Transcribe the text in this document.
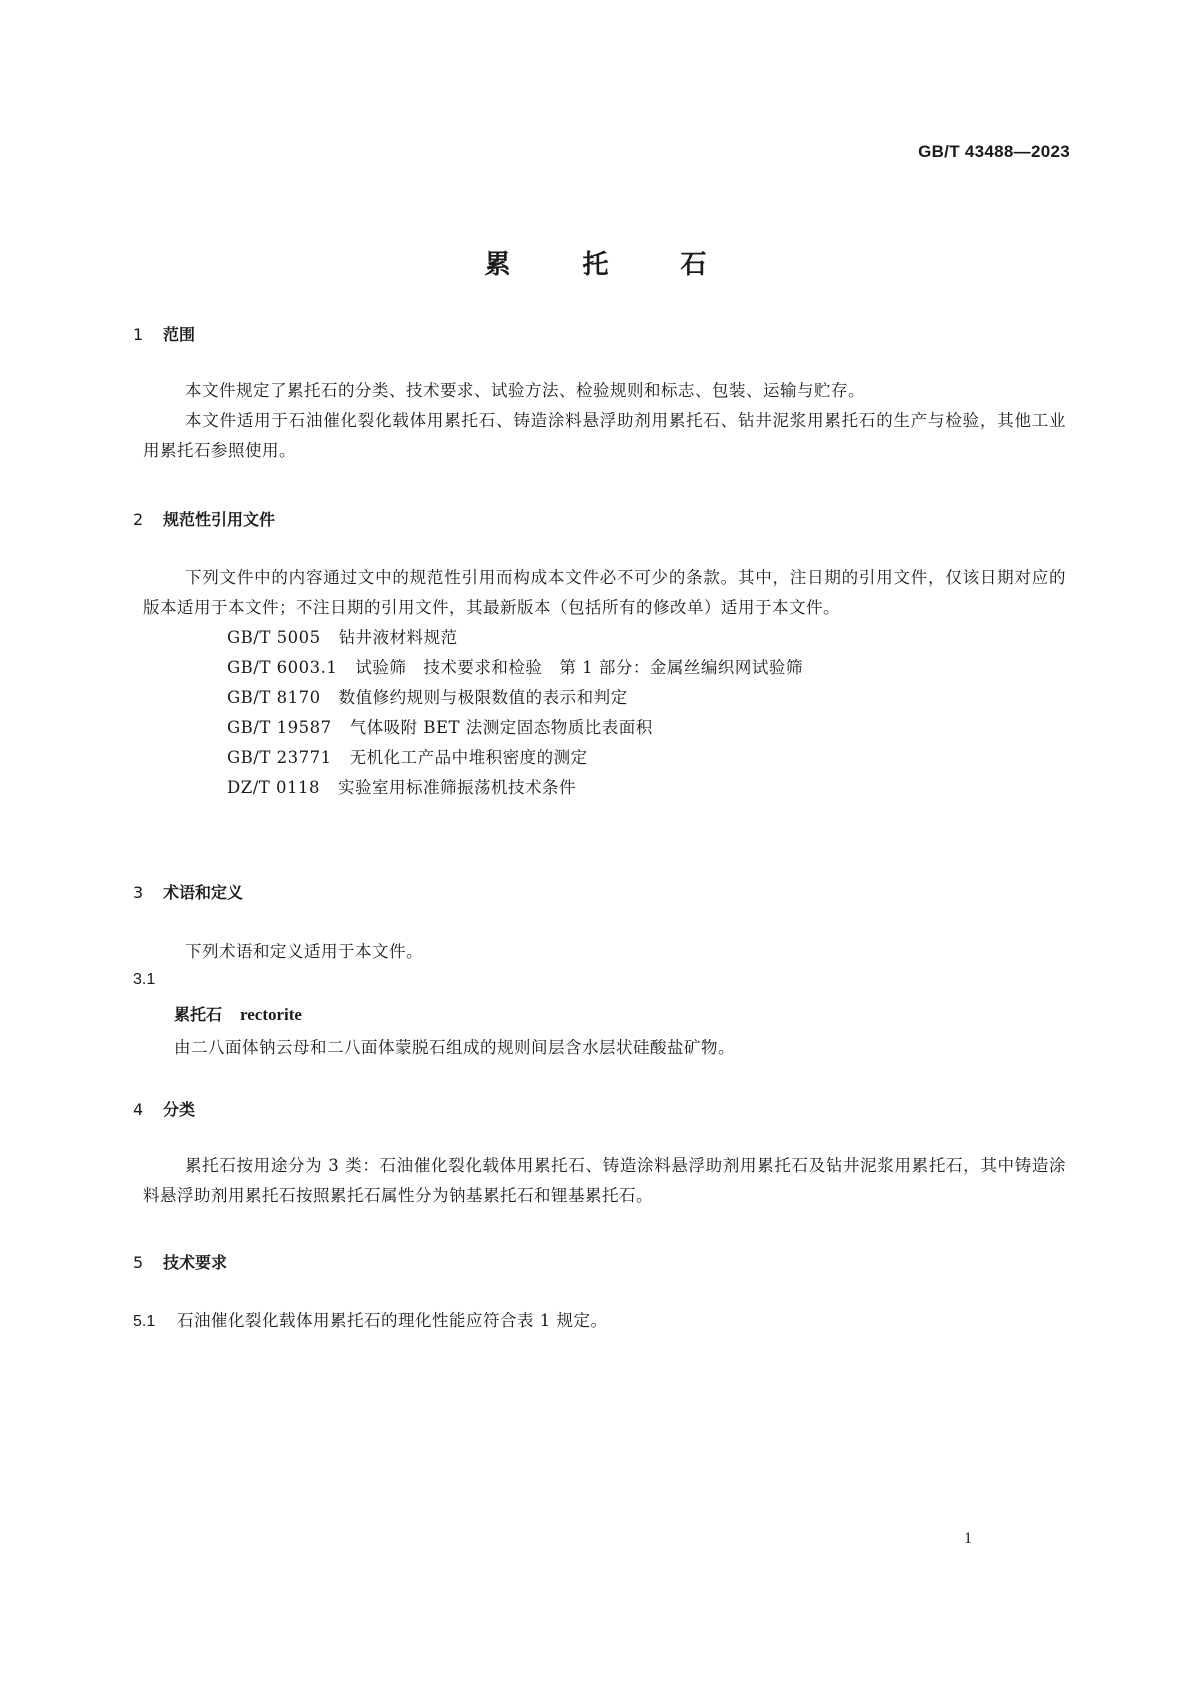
GB/T 43488—2023
累	托	石
1 范围
本文件规定了累托石的分类、技术要求、试验方法、检验规则和标志、包装、运输与贮存。
本文件适用于石油催化裂化载体用累托石、铸造涂料悬浮助剂用累托石、钻井泥浆用累托石的生产与检验，其他工业用累托石参照使用。
2 规范性引用文件
下列文件中的内容通过文中的规范性引用而构成本文件必不可少的条款。其中，注日期的引用文件，仅该日期对应的版本适用于本文件；不注日期的引用文件，其最新版本（包括所有的修改单）适用于本文件。
GB/T 5005 钻井液材料规范
GB/T 6003.1 试验筛　技术要求和检验　第 1 部分：金属丝编织网试验筛
GB/T 8170 数值修约规则与极限数值的表示和判定
GB/T 19587 气体吸附 BET 法测定固态物质比表面积
GB/T 23771 无机化工产品中堆积密度的测定
DZ/T 0118 实验室用标准筛振荡机技术条件
3 术语和定义
下列术语和定义适用于本文件。
3.1
累托石 rectorite
由二八面体钠云母和二八面体蒙脱石组成的规则间层含水层状硅酸盐矿物。
4 分类
累托石按用途分为 3 类：石油催化裂化载体用累托石、铸造涂料悬浮助剂用累托石及钻井泥浆用累托石，其中铸造涂料悬浮助剂用累托石按照累托石属性分为钠基累托石和锂基累托石。
5 技术要求
5.1 石油催化裂化载体用累托石的理化性能应符合表 1 规定。
1
